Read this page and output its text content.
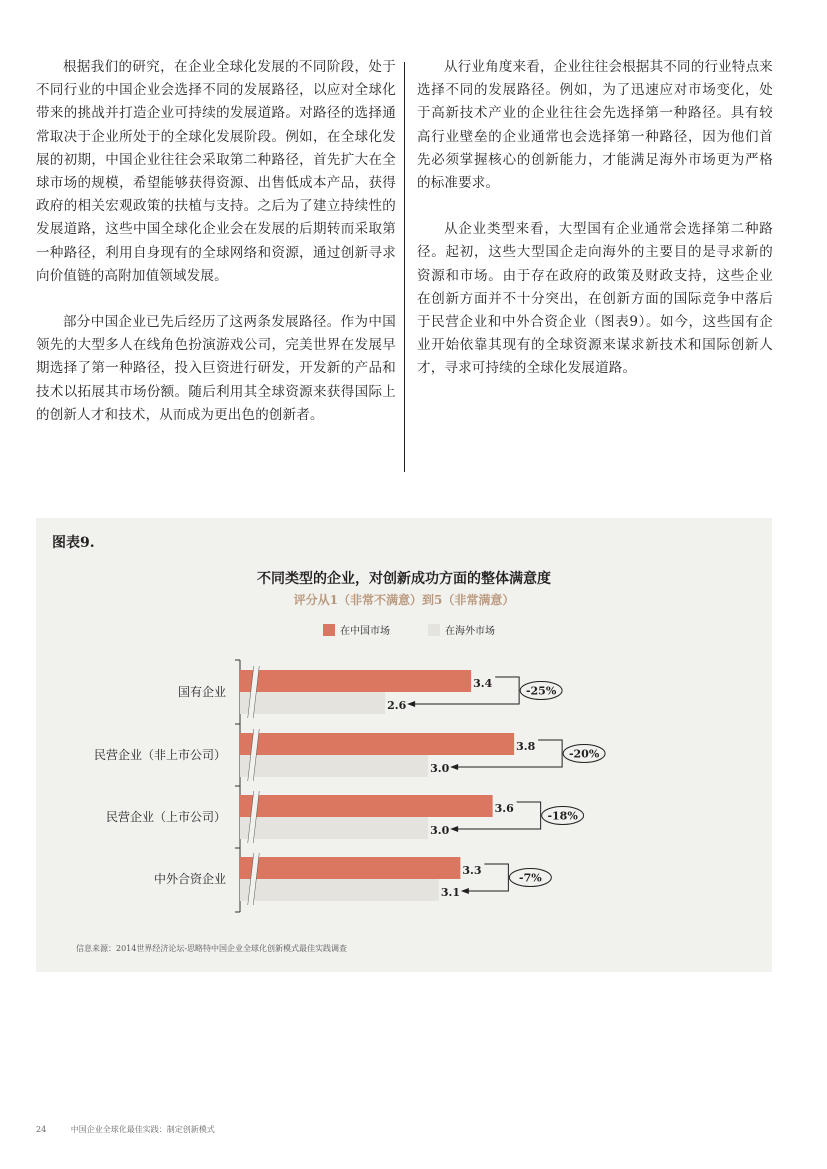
根据我们的研究，在企业全球化发展的不同阶段，处于不同行业的中国企业会选择不同的发展路径，以应对全球化带来的挑战并打造企业可持续的发展道路。对路径的选择通常取决于企业所处于的全球化发展阶段。例如，在全球化发展的初期，中国企业往往会采取第二种路径，首先扩大在全球市场的规模，希望能够获得资源、出售低成本产品，获得政府的相关宏观政策的扶植与支持。之后为了建立持续性的发展道路，这些中国全球化企业会在发展的后期转而采取第一种路径，利用自身现有的全球网络和资源，通过创新寻求向价值链的高附加值领域发展。

部分中国企业已先后经历了这两条发展路径。作为中国领先的大型多人在线角色扮演游戏公司，完美世界在发展早期选择了第一种路径，投入巨资进行研发，开发新的产品和技术以拓展其市场份额。随后利用其全球资源来获得国际上的创新人才和技术，从而成为更出色的创新者。

从行业角度来看，企业往往会根据其不同的行业特点来选择不同的发展路径。例如，为了迅速应对市场变化，处于高新技术产业的企业往往会先选择第一种路径。具有较高行业壁垒的企业通常也会选择第一种路径，因为他们首先必须掌握核心的创新能力，才能满足海外市场更为严格的标准要求。

从企业类型来看，大型国有企业通常会选择第二种路径。起初，这些大型国企走向海外的主要目的是寻求新的资源和市场。由于存在政府的政策及财政支持，这些企业在创新方面并不十分突出，在创新方面的国际竞争中落后于民营企业和中外合资企业（图表9）。如今，这些国有企业开始依靠其现有的全球资源来谋求新技术和国际创新人才，寻求可持续的全球化发展道路。

图表9.
不同类型的企业，对创新成功方面的整体满意度
评分从1（非常不满意）到5（非常满意）
在中国市场	在海外市场
国有企业
3.4
2.6
-25%
民营企业（非上市公司）
3.8
3.0
-20%
民营企业（上市公司）
3.6
3.0
-18%
中外合资企业
3.3
3.1
-7%
信息来源：2014世界经济论坛-思略特中国企业全球化创新模式最佳实践调查
24	中国企业全球化最佳实践：制定创新模式
